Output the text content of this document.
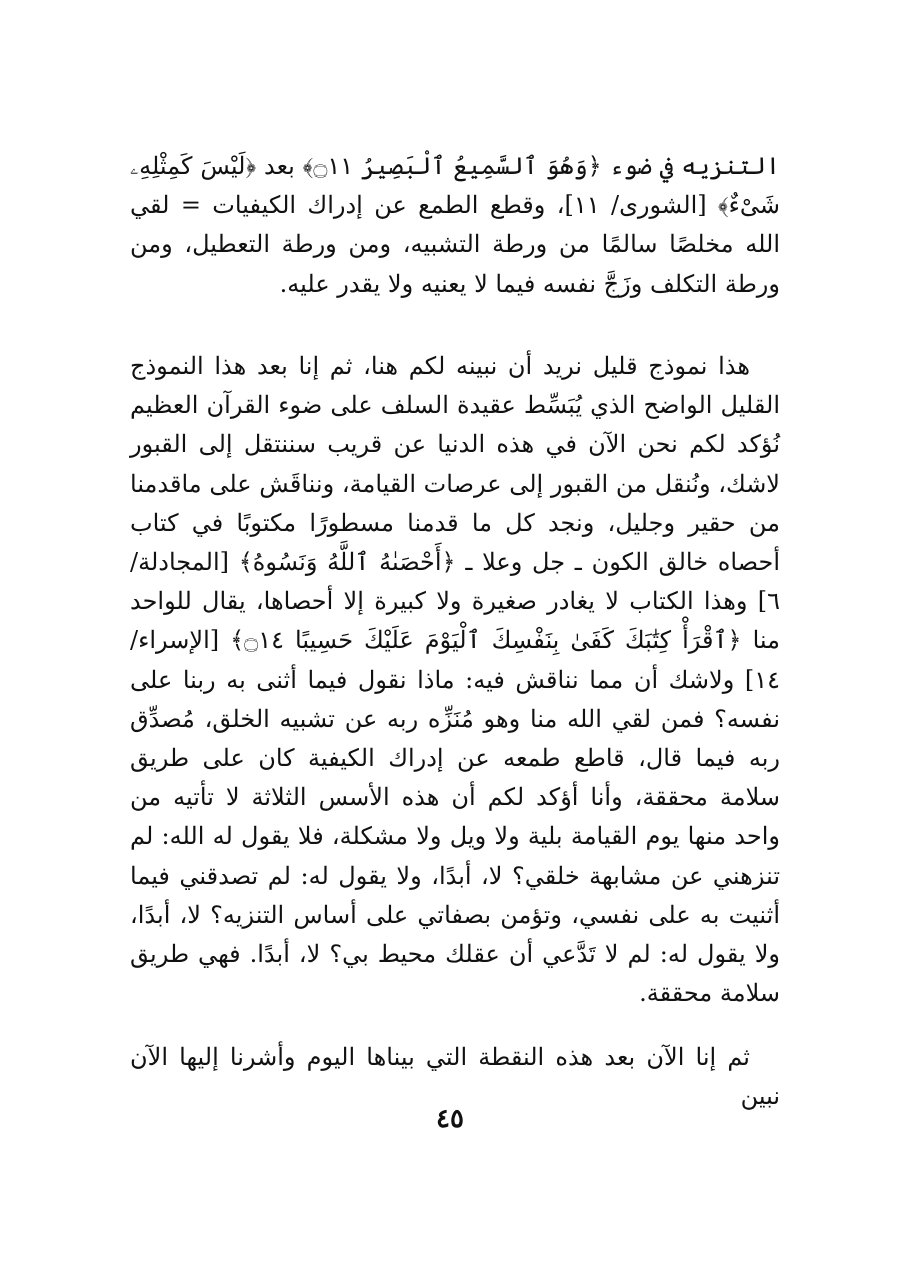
التنزيه في ضوء ﴿وَهُوَ ٱلسَّمِيعُ ٱلْبَصِيرُ ۝١١﴾ بعد ﴿لَيْسَ كَمِثْلِهِۦ شَىْءٌ﴾ [الشورى/ ١١]، وقطع الطمع عن إدراك الكيفيات = لقي الله مخلصًا سالمًا من ورطة التشبيه، ومن ورطة التعطيل، ومن ورطة التكلف وزَجَّ نفسه فيما لا يعنيه ولا يقدر عليه.

هذا نموذج قليل نريد أن نبينه لكم هنا، ثم إنا بعد هذا النموذج القليل الواضح الذي يُبَسِّط عقيدة السلف على ضوء القرآن العظيم نُؤكد لكم نحن الآن في هذه الدنيا عن قريب سننتقل إلى القبور لاشك، ونُنقل من القبور إلى عرصات القيامة، ونناقَش على ماقدمنا من حقير وجليل، ونجد كل ما قدمنا مسطورًا مكتوبًا في كتاب أحصاه خالق الكون ـ جل وعلا ـ ﴿أَحْصَىٰهُ ٱللَّهُ وَنَسُوهُ﴾ [المجادلة/ ٦] وهذا الكتاب لا يغادر صغيرة ولا كبيرة إلا أحصاها، يقال للواحد منا ﴿ٱقْرَأْ كِتَٰبَكَ كَفَىٰ بِنَفْسِكَ ٱلْيَوْمَ عَلَيْكَ حَسِيبًا ۝١٤﴾ [الإسراء/ ١٤] ولاشك أن مما نناقش فيه: ماذا نقول فيما أثنى به ربنا على نفسه؟ فمن لقي الله منا وهو مُنَزِّه ربه عن تشبيه الخلق، مُصدِّق ربه فيما قال، قاطع طمعه عن إدراك الكيفية كان على طريق سلامة محققة، وأنا أؤكد لكم أن هذه الأسس الثلاثة لا تأتيه من واحد منها يوم القيامة بلية ولا ويل ولا مشكلة، فلا يقول له الله: لم تنزهني عن مشابهة خلقي؟ لا، أبدًا، ولا يقول له: لم تصدقني فيما أثنيت به على نفسي، وتؤمن بصفاتي على أساس التنزيه؟ لا، أبدًا، ولا يقول له: لم لا تَدَّعي أن عقلك محيط بي؟ لا، أبدًا. فهي طريق سلامة محققة.

ثم إنا الآن بعد هذه النقطة التي بيناها اليوم وأشرنا إليها الآن نبين

٤٥
